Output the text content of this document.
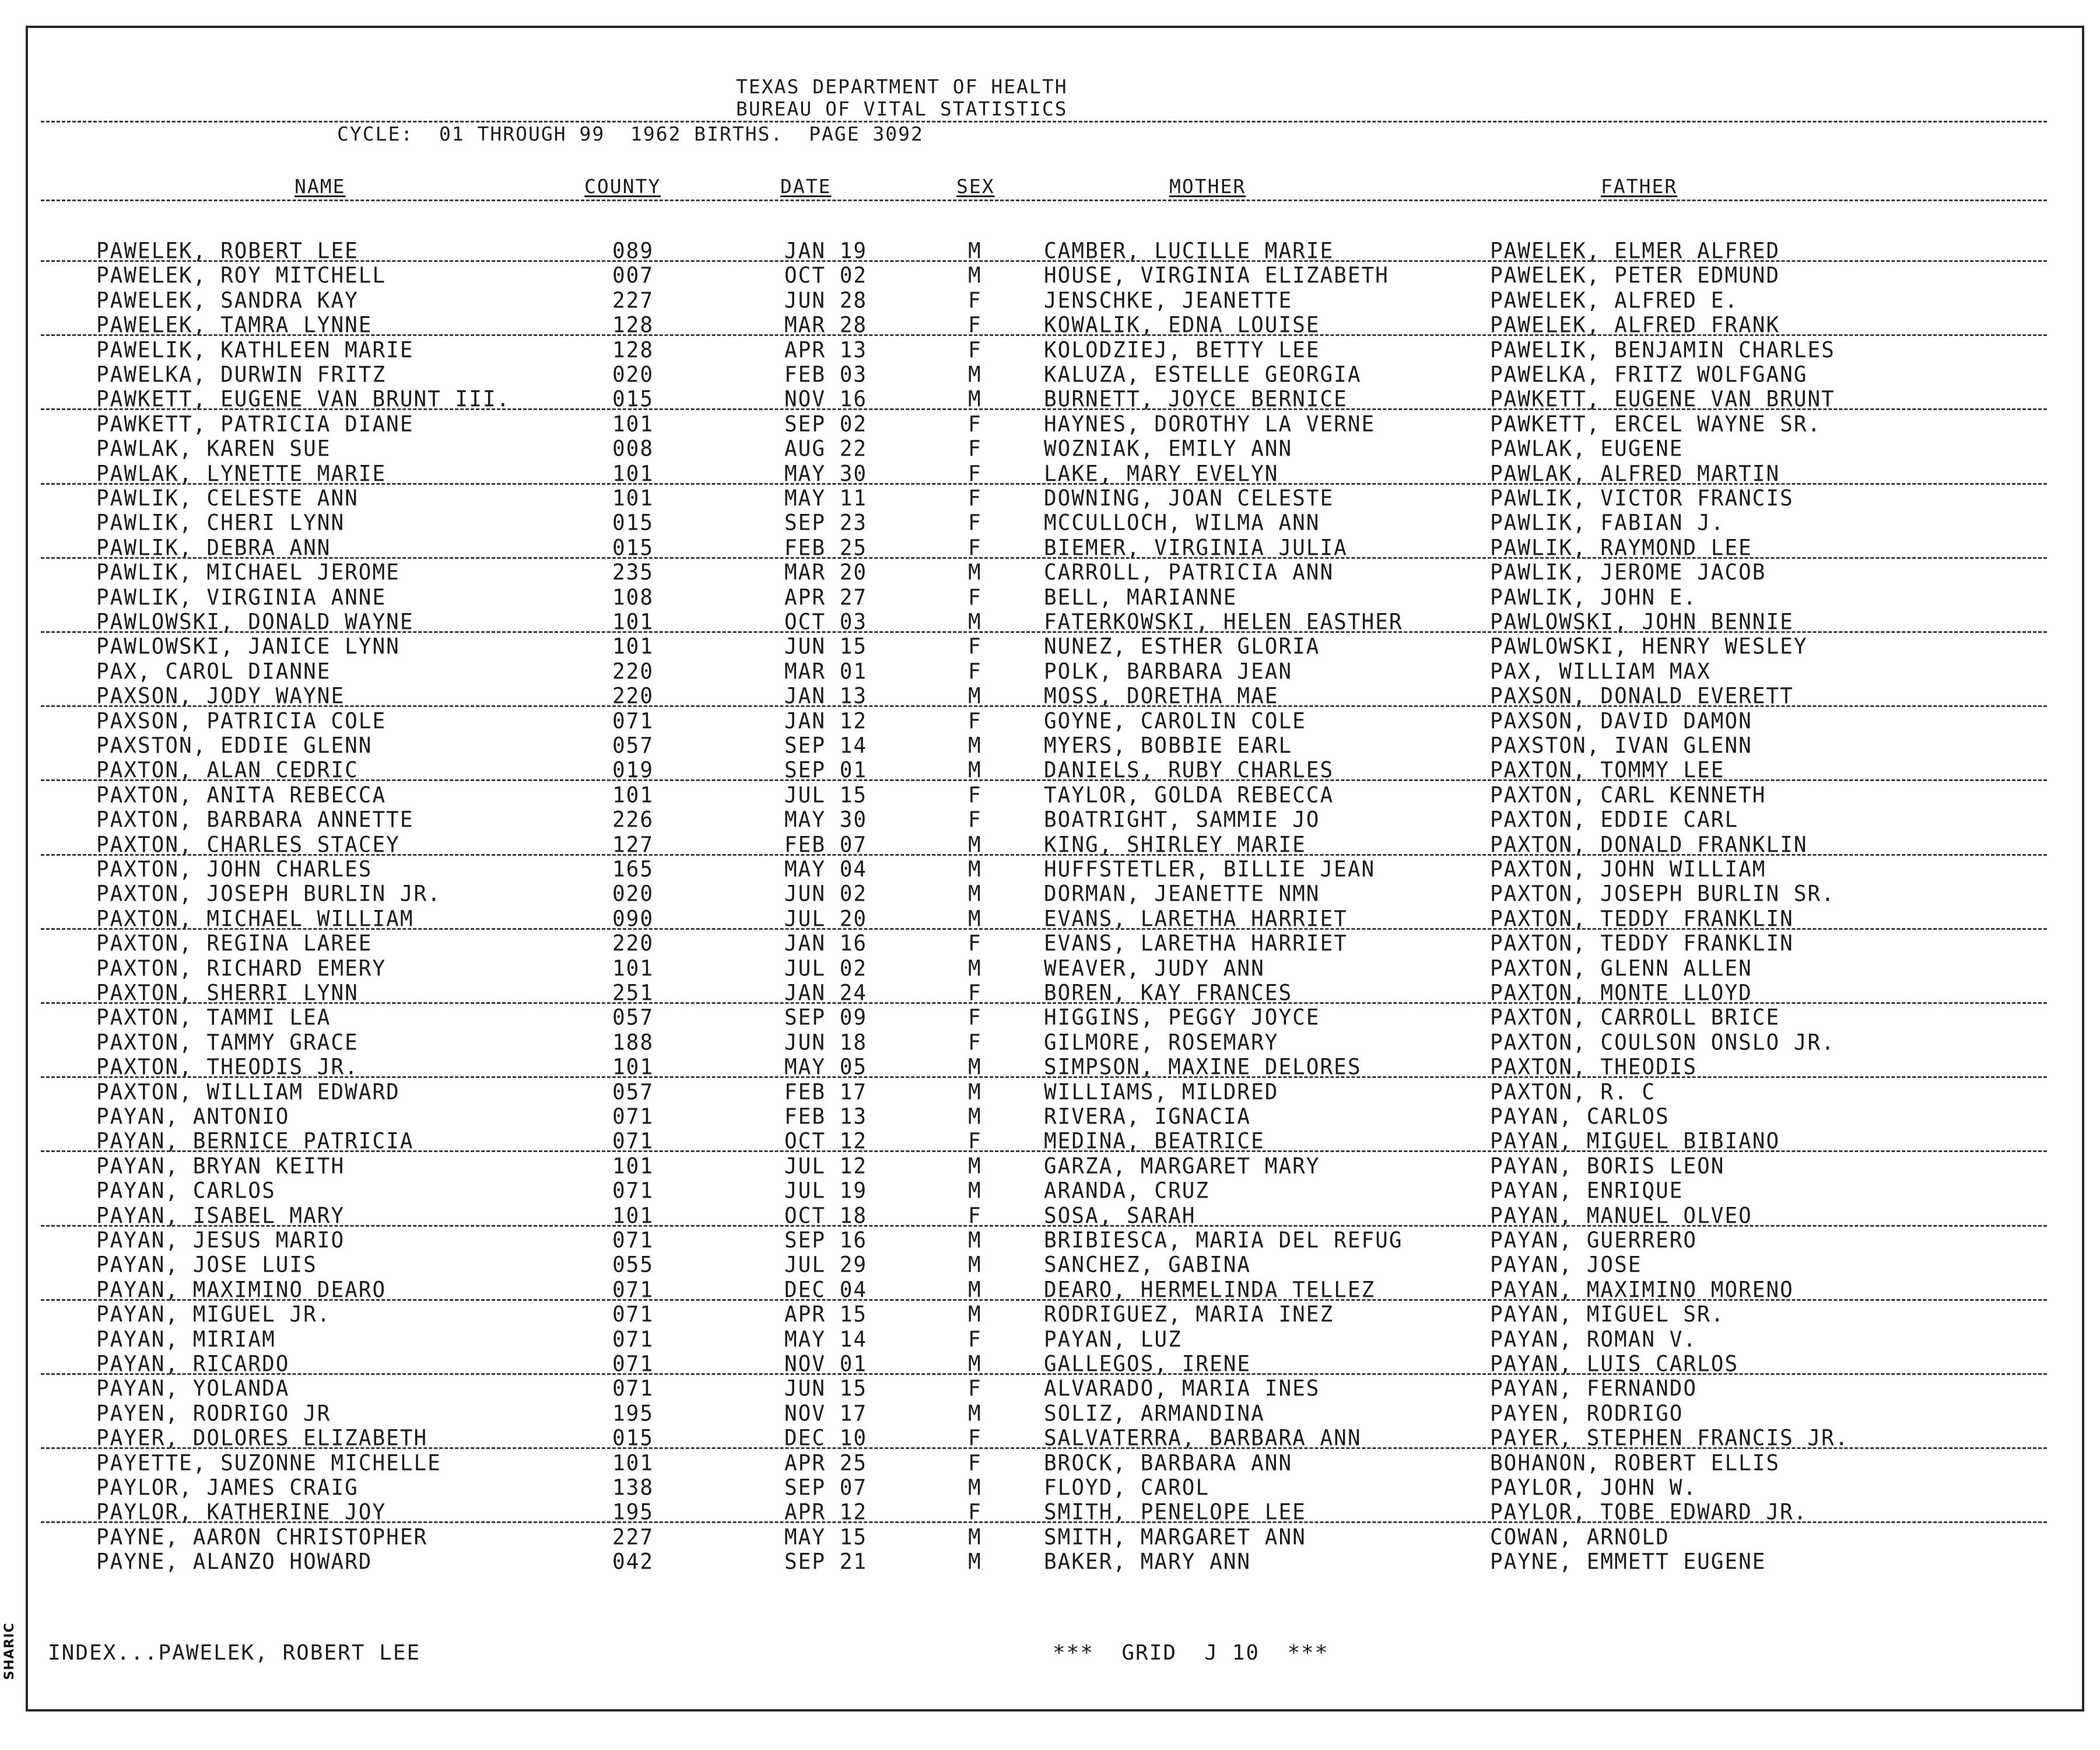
TEXAS DEPARTMENT OF HEALTH
BUREAU OF VITAL STATISTICS
CYCLE:  01 THROUGH 99  1962 BIRTHS.  PAGE 3092
NAME	COUNTY	DATE	SEX	MOTHER	FATHER
PAWELEK, ROBERT LEE	089	JAN 19	M	CAMBER, LUCILLE MARIE	PAWELEK, ELMER ALFRED
PAWELEK, ROY MITCHELL	007	OCT 02	M	HOUSE, VIRGINIA ELIZABETH	PAWELEK, PETER EDMUND
PAWELEK, SANDRA KAY	227	JUN 28	F	JENSCHKE, JEANETTE	PAWELEK, ALFRED E.
PAWELEK, TAMRA LYNNE	128	MAR 28	F	KOWALIK, EDNA LOUISE	PAWELEK, ALFRED FRANK
PAWELIK, KATHLEEN MARIE	128	APR 13	F	KOLODZIEJ, BETTY LEE	PAWELIK, BENJAMIN CHARLES
PAWELKA, DURWIN FRITZ	020	FEB 03	M	KALUZA, ESTELLE GEORGIA	PAWELKA, FRITZ WOLFGANG
PAWKETT, EUGENE VAN BRUNT III.	015	NOV 16	M	BURNETT, JOYCE BERNICE	PAWKETT, EUGENE VAN BRUNT
PAWKETT, PATRICIA DIANE	101	SEP 02	F	HAYNES, DOROTHY LA VERNE	PAWKETT, ERCEL WAYNE SR.
PAWLAK, KAREN SUE	008	AUG 22	F	WOZNIAK, EMILY ANN	PAWLAK, EUGENE
PAWLAK, LYNETTE MARIE	101	MAY 30	F	LAKE, MARY EVELYN	PAWLAK, ALFRED MARTIN
PAWLIK, CELESTE ANN	101	MAY 11	F	DOWNING, JOAN CELESTE	PAWLIK, VICTOR FRANCIS
PAWLIK, CHERI LYNN	015	SEP 23	F	MCCULLOCH, WILMA ANN	PAWLIK, FABIAN J.
PAWLIK, DEBRA ANN	015	FEB 25	F	BIEMER, VIRGINIA JULIA	PAWLIK, RAYMOND LEE
PAWLIK, MICHAEL JEROME	235	MAR 20	M	CARROLL, PATRICIA ANN	PAWLIK, JEROME JACOB
PAWLIK, VIRGINIA ANNE	108	APR 27	F	BELL, MARIANNE	PAWLIK, JOHN E.
PAWLOWSKI, DONALD WAYNE	101	OCT 03	M	FATERKOWSKI, HELEN EASTHER	PAWLOWSKI, JOHN BENNIE
PAWLOWSKI, JANICE LYNN	101	JUN 15	F	NUNEZ, ESTHER GLORIA	PAWLOWSKI, HENRY WESLEY
PAX, CAROL DIANNE	220	MAR 01	F	POLK, BARBARA JEAN	PAX, WILLIAM MAX
PAXSON, JODY WAYNE	220	JAN 13	M	MOSS, DORETHA MAE	PAXSON, DONALD EVERETT
PAXSON, PATRICIA COLE	071	JAN 12	F	GOYNE, CAROLIN COLE	PAXSON, DAVID DAMON
PAXSTON, EDDIE GLENN	057	SEP 14	M	MYERS, BOBBIE EARL	PAXSTON, IVAN GLENN
PAXTON, ALAN CEDRIC	019	SEP 01	M	DANIELS, RUBY CHARLES	PAXTON, TOMMY LEE
PAXTON, ANITA REBECCA	101	JUL 15	F	TAYLOR, GOLDA REBECCA	PAXTON, CARL KENNETH
PAXTON, BARBARA ANNETTE	226	MAY 30	F	BOATRIGHT, SAMMIE JO	PAXTON, EDDIE CARL
PAXTON, CHARLES STACEY	127	FEB 07	M	KING, SHIRLEY MARIE	PAXTON, DONALD FRANKLIN
PAXTON, JOHN CHARLES	165	MAY 04	M	HUFFSTETLER, BILLIE JEAN	PAXTON, JOHN WILLIAM
PAXTON, JOSEPH BURLIN JR.	020	JUN 02	M	DORMAN, JEANETTE NMN	PAXTON, JOSEPH BURLIN SR.
PAXTON, MICHAEL WILLIAM	090	JUL 20	M	EVANS, LARETHA HARRIET	PAXTON, TEDDY FRANKLIN
PAXTON, REGINA LAREE	220	JAN 16	F	EVANS, LARETHA HARRIET	PAXTON, TEDDY FRANKLIN
PAXTON, RICHARD EMERY	101	JUL 02	M	WEAVER, JUDY ANN	PAXTON, GLENN ALLEN
PAXTON, SHERRI LYNN	251	JAN 24	F	BOREN, KAY FRANCES	PAXTON, MONTE LLOYD
PAXTON, TAMMI LEA	057	SEP 09	F	HIGGINS, PEGGY JOYCE	PAXTON, CARROLL BRICE
PAXTON, TAMMY GRACE	188	JUN 18	F	GILMORE, ROSEMARY	PAXTON, COULSON ONSLO JR.
PAXTON, THEODIS JR.	101	MAY 05	M	SIMPSON, MAXINE DELORES	PAXTON, THEODIS
PAXTON, WILLIAM EDWARD	057	FEB 17	M	WILLIAMS, MILDRED	PAXTON, R. C
PAYAN, ANTONIO	071	FEB 13	M	RIVERA, IGNACIA	PAYAN, CARLOS
PAYAN, BERNICE PATRICIA	071	OCT 12	F	MEDINA, BEATRICE	PAYAN, MIGUEL BIBIANO
PAYAN, BRYAN KEITH	101	JUL 12	M	GARZA, MARGARET MARY	PAYAN, BORIS LEON
PAYAN, CARLOS	071	JUL 19	M	ARANDA, CRUZ	PAYAN, ENRIQUE
PAYAN, ISABEL MARY	101	OCT 18	F	SOSA, SARAH	PAYAN, MANUEL OLVEO
PAYAN, JESUS MARIO	071	SEP 16	M	BRIBIESCA, MARIA DEL REFUG	PAYAN, GUERRERO
PAYAN, JOSE LUIS	055	JUL 29	M	SANCHEZ, GABINA	PAYAN, JOSE
PAYAN, MAXIMINO DEARO	071	DEC 04	M	DEARO, HERMELINDA TELLEZ	PAYAN, MAXIMINO MORENO
PAYAN, MIGUEL JR.	071	APR 15	M	RODRIGUEZ, MARIA INEZ	PAYAN, MIGUEL SR.
PAYAN, MIRIAM	071	MAY 14	F	PAYAN, LUZ	PAYAN, ROMAN V.
PAYAN, RICARDO	071	NOV 01	M	GALLEGOS, IRENE	PAYAN, LUIS CARLOS
PAYAN, YOLANDA	071	JUN 15	F	ALVARADO, MARIA INES	PAYAN, FERNANDO
PAYEN, RODRIGO JR	195	NOV 17	M	SOLIZ, ARMANDINA	PAYEN, RODRIGO
PAYER, DOLORES ELIZABETH	015	DEC 10	F	SALVATERRA, BARBARA ANN	PAYER, STEPHEN FRANCIS JR.
PAYETTE, SUZONNE MICHELLE	101	APR 25	F	BROCK, BARBARA ANN	BOHANON, ROBERT ELLIS
PAYLOR, JAMES CRAIG	138	SEP 07	M	FLOYD, CAROL	PAYLOR, JOHN W.
PAYLOR, KATHERINE JOY	195	APR 12	F	SMITH, PENELOPE LEE	PAYLOR, TOBE EDWARD JR.
PAYNE, AARON CHRISTOPHER	227	MAY 15	M	SMITH, MARGARET ANN	COWAN, ARNOLD
PAYNE, ALANZO HOWARD	042	SEP 21	M	BAKER, MARY ANN	PAYNE, EMMETT EUGENE
INDEX...PAWELEK, ROBERT LEE	***  GRID  J 10  ***
SHARIC
